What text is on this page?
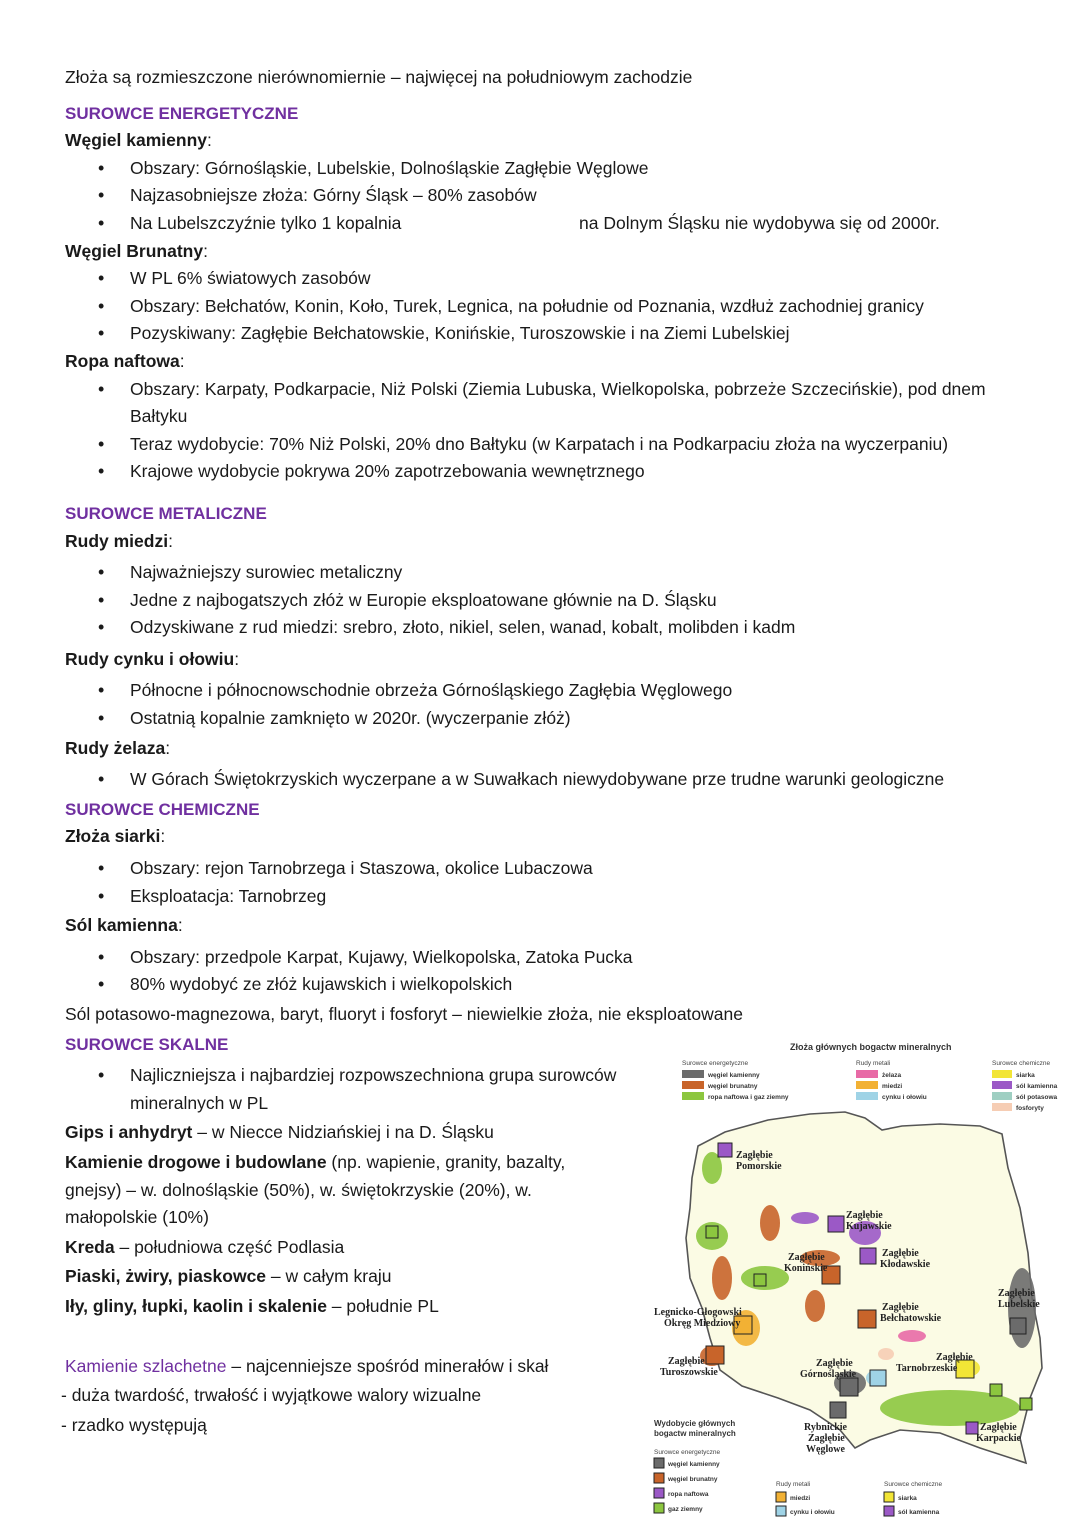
Złoża są rozmieszczone nierównomiernie – najwięcej na południowym zachodzie

SUROWCE ENERGETYCZNE

Węgiel kamienny:

• Obszary: Górnośląskie, Lubelskie, Dolnośląskie Zagłębie Węglowe
• Najzasobniejsze złoża: Górny Śląsk – 80% zasobów
• Na Lubelszczyźnie tylko 1 kopalnia	na Dolnym Śląsku nie wydobywa się od 2000r.

Węgiel Brunatny:

• W PL 6% światowych zasobów
• Obszary: Bełchatów, Konin, Koło, Turek, Legnica, na południe od Poznania, wzdłuż zachodniej granicy
• Pozyskiwany: Zagłębie Bełchatowskie, Konińskie, Turoszowskie i na Ziemi Lubelskiej

Ropa naftowa:

• Obszary: Karpaty, Podkarpacie, Niż Polski (Ziemia Lubuska, Wielkopolska, pobrzeże Szczecińskie), pod dnem Bałtyku
• Teraz wydobycie: 70% Niż Polski, 20% dno Bałtyku (w Karpatach i na Podkarpaciu złoża na wyczerpaniu)
• Krajowe wydobycie pokrywa 20% zapotrzebowania wewnętrznego

SUROWCE METALICZNE

Rudy miedzi:

• Najważniejszy surowiec metaliczny
• Jedne z najbogatszych złóż w Europie eksploatowane głównie na D. Śląsku
• Odzyskiwane z rud miedzi: srebro, złoto, nikiel, selen, wanad, kobalt, molibden i kadm

Rudy cynku i ołowiu:

• Północne i północnowschodnie obrzeża Górnośląskiego Zagłębia Węglowego
• Ostatnią kopalnie zamknięto w 2020r. (wyczerpanie złóż)

Rudy żelaza:

• W Górach Świętokrzyskich wyczerpane a w Suwałkach niewydobywane prze trudne warunki geologiczne

SUROWCE CHEMICZNE

Złoża siarki:

• Obszary: rejon Tarnobrzega i Staszowa, okolice Lubaczowa
• Eksploatacja: Tarnobrzeg

Sól kamienna:

• Obszary: przedpole Karpat, Kujawy, Wielkopolska, Zatoka Pucka
• 80% wydobyć ze złóż kujawskich i wielkopolskich

Sól potasowo-magnezowa, baryt, fluoryt i fosforyt – niewielkie złoża, nie eksploatowane

SUROWCE SKALNE

• Najliczniejsza i najbardziej rozpowszechniona grupa surowców mineralnych w PL

Gips i anhydryt – w Niecce Nidziańskiej i na D. Śląsku

Kamienie drogowe i budowlane (np. wapienie, granity, bazalty, gnejsy) – w. dolnośląskie (50%), w. świętokrzyskie (20%), w. małopolskie (10%)

Kreda – południowa część Podlasia

Piaski, żwiry, piaskowce – w całym kraju

Iły, gliny, łupki, kaolin i skalenie – południe PL

Kamienie szlachetne – najcenniejsze spośród minerałów i skał

- duża twardość, trwałość i wyjątkowe walory wizualne

- rzadko występują

Złoża głównych bogactw mineralnych
Surowce energetyczne
węgiel kamienny
węgiel brunatny
ropa naftowa i gaz ziemny
Rudy metali
żelaza
miedzi
cynku i ołowiu
Surowce chemiczne
siarka
sól kamienna
sól potasowa
fosforyty
Zagłębie
Pomorskie
Zagłębie
Kujawskie
Zagłębie
Konińskie
Zagłębie
Kłodawskie
Zagłębie
Lubelskie
Zagłębie
Bełchatowskie
Legnicko-Głogowski
Okręg Miedziowy
Zagłębie
Turoszowskie
Zagłębie
Górnośląskie
Zagłębie
Tarnobrzeskie
Rybnickie
Zagłębie
Węglowe
Zagłębie
Karpackie
Wydobycie głównych
bogactw mineralnych
Surowce energetyczne
węgiel kamienny
węgiel brunatny
ropa naftowa
gaz ziemny
Rudy metali
miedzi
cynku i ołowiu
Surowce chemiczne
siarka
sól kamienna
